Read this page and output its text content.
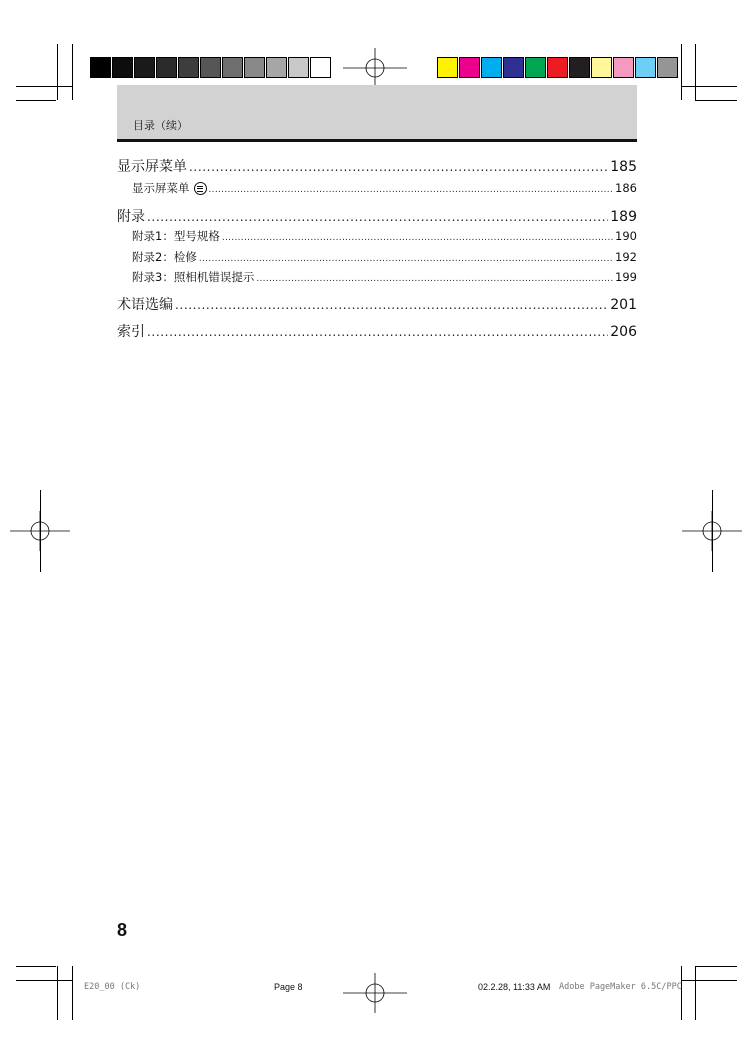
目录（续）
显示屏菜单 .....	185
显示屏菜单 .....	186
附录 .....	189
附录1：型号规格 .....	190
附录2：检修 .....	192
附录3：照相机错误提示 .....	199
术语选编 .....	201
索引 .....	206
8
E20_00 (Ck)	Page 8	02.2.28, 11:33 AM Adobe PageMaker 6.5C/PPC
